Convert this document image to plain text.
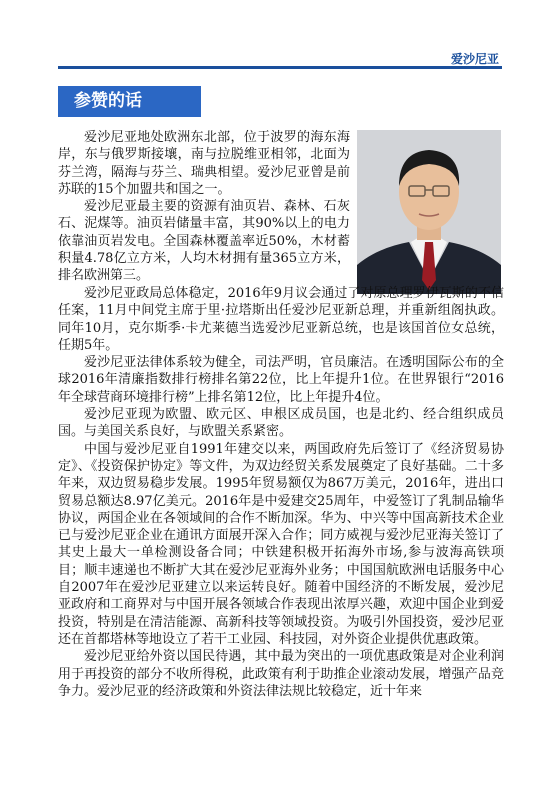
爱沙尼亚
参赞的话

爱沙尼亚地处欧洲东北部，位于波罗的海东海岸，东与俄罗斯接壤，南与拉脱维亚相邻，北面为芬兰湾，隔海与芬兰、瑞典相望。爱沙尼亚曾是前苏联的15个加盟共和国之一。

爱沙尼亚最主要的资源有油页岩、森林、石灰石、泥煤等。油页岩储量丰富，其90%以上的电力依靠油页岩发电。全国森林覆盖率近50%，木材蓄积量4.78亿立方米，人均木材拥有量365立方米，排名欧洲第三。

爱沙尼亚政局总体稳定，2016年9月议会通过了对原总理罗伊瓦斯的不信任案，11月中间党主席于里·拉塔斯出任爱沙尼亚新总理，并重新组阁执政。同年10月，克尔斯季·卡尤莱德当选爱沙尼亚新总统，也是该国首位女总统，任期5年。

爱沙尼亚法律体系较为健全，司法严明，官员廉洁。在透明国际公布的全球2016年清廉指数排行榜排名第22位，比上年提升1位。在世界银行“2016年全球营商环境排行榜”上排名第12位，比上年提升4位。

爱沙尼亚现为欧盟、欧元区、申根区成员国，也是北约、经合组织成员国。与美国关系良好，与欧盟关系紧密。

中国与爱沙尼亚自1991年建交以来，两国政府先后签订了《经济贸易协定》、《投资保护协定》等文件，为双边经贸关系发展奠定了良好基础。二十多年来，双边贸易稳步发展。1995年贸易额仅为867万美元，2016年，进出口贸易总额达8.97亿美元。2016年是中爱建交25周年，中爱签订了乳制品输华协议，两国企业在各领域间的合作不断加深。华为、中兴等中国高新技术企业已与爱沙尼亚企业在通讯方面展开深入合作；同方威视与爱沙尼亚海关签订了其史上最大一单检测设备合同；中铁建积极开拓海外市场,参与波海高铁项目；顺丰速递也不断扩大其在爱沙尼亚海外业务；中国国航欧洲电话服务中心自2007年在爱沙尼亚建立以来运转良好。随着中国经济的不断发展，爱沙尼亚政府和工商界对与中国开展各领域合作表现出浓厚兴趣，欢迎中国企业到爱投资，特别是在清洁能源、高新科技等领域投资。为吸引外国投资，爱沙尼亚还在首都塔林等地设立了若干工业园、科技园，对外资企业提供优惠政策。

爱沙尼亚给外资以国民待遇，其中最为突出的一项优惠政策是对企业利润用于再投资的部分不收所得税，此政策有利于助推企业滚动发展，增强产品竞争力。爱沙尼亚的经济政策和外资法律法规比较稳定，近十年来
